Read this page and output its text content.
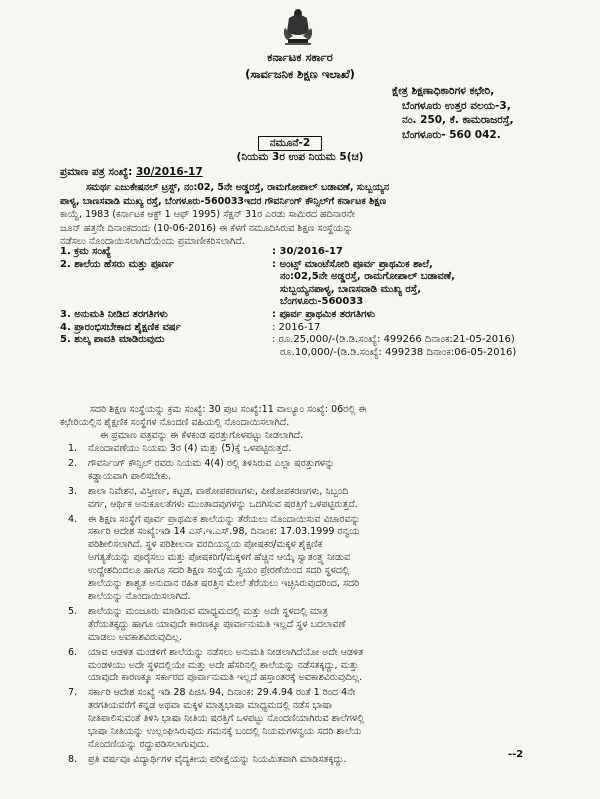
ಕರ್ನಾಟಕ ಸರ್ಕಾರ
(ಸಾರ್ವಜನಿಕ ಶಿಕ್ಷಣ ಇಲಾಖೆ)
ಕ್ಷೇತ್ರ ಶಿಕ್ಷಣಾಧಿಕಾರಿಗಳ ಕಛೇರಿ,
ಬೆಂಗಳೂರು ಉತ್ತರ ವಲಯ-3,
ನಂ. 250, ಕೆ. ಕಾಮರಾಜರಸ್ತೆ,
ಬೆಂಗಳೂರು- 560 042.
ನಮೂನೆ-2
(ನಿಯಮ 3ರ ಉಪ ನಿಯಮ 5(ಚ)
ಪ್ರಮಾಣ ಪತ್ರ ಸಂಖ್ಯೆ: 30/2016-17
ಸಮರ್ಥ ಎಜುಕೇಷನಲ್ ಟ್ರಸ್ಟ್, ನಂ:02, 5ನೇ ಅಡ್ಡರಸ್ತೆ, ರಾಮಗೋಪಾಲ್ ಬಡಾವಣೆ, ಸುಬ್ಬಯ್ಯನ
ಪಾಳ್ಯ, ಬಾಣಸವಾಡಿ ಮುಖ್ಯ ರಸ್ತೆ, ಬೆಂಗಳೂರು-560033ಇದರ ಗೌವರ್ನಿಂಗ್ ಕೌನ್ಸಿಲ್‌ಗೆ ಕರ್ನಾಟಕ ಶಿಕ್ಷಣ
ಕಾಯ್ದೆ, 1983 (ಕರ್ನಾಟಕ ಆಕ್ಟ್ 1 ಆಫ್ 1995) ಸೆಕ್ಷನ್ 31ರ ಎರಡು ಸಾಮಿರದ ಹದಿನಾರನೇ
ಜೂನ್ ಹತ್ತನೇ ದಿನಾಂಕದಂದು (10-06-2016) ಈ ಕೆಳಗೆ ನಮೂದಿಸಿರುವ ಶಿಕ್ಷಣ ಸಂಸ್ಥೆಯನ್ನು
ನಡೆಸಲು ನೊಂದಾಯಿಸಲಾಗಿದೆಯೆಂದು ಪ್ರಮಾಣೀಕರಿಸಲಾಗಿದೆ.
1. ಕ್ರಮ ಸಂಖ್ಯೆ	: 30/2016-17
2. ಶಾಲೆಯ ಹೆಸರು ಮತ್ತು ಪೂರ್ಣ	: ಅಂಟ್ಸ್ ಮಾಂಟೆಸೋರಿ ಪೂರ್ವ ಪ್ರಾಥಮಿಕ ಶಾಲೆ,
ನಂ:02,5ನೇ ಅಡ್ಡರಸ್ತೆ, ರಾಮಗೋಪಾಲ್ ಬಡಾವಣೆ,
ಸುಬ್ಬಯ್ಯನಪಾಳ್ಯ, ಬಾಣಸವಾಡಿ ಮುಖ್ಯ ರಸ್ತೆ,
ಬೆಂಗಳೂರು-560033
3. ಅನುಮತಿ ನೀಡಿದ ತರಗತಿಗಳು	: ಪೂರ್ವ ಪ್ರಾಥಮಿಕ ತರಗತಿಗಳು
4. ಪ್ರಾರಂಭಿಸಬೇಕಾದ ಶೈಕ್ಷಣಿಕ ವರ್ಷ	: 2016-17
5. ಶುಲ್ಕ ಪಾವತಿ ಮಾಡಿರುವುದು	: ರೂ.25,000/-(ಡಿ.ಡಿ.ಸಂಖ್ಯೆ: 499266 ದಿನಾಂಕ:21-05-2016)
ರೂ.10,000/-(ಡಿ.ಡಿ.ಸಂಖ್ಯೆ: 499238 ದಿನಾಂಕ:06-05-2016)
ಸದರಿ ಶಿಕ್ಷಣ ಸಂಸ್ಥೆಯನ್ನು ಕ್ರಮ ಸಂಖ್ಯೆ: 30 ಪುಟ ಸಂಖ್ಯೆ:11 ವಾಲ್ಯೂಂ ಸಂಖ್ಯೆ: 06ರಲ್ಲಿ ಈ
ಕಛೇರಿಯಲ್ಲಿನ ಶೈಕ್ಷಣಿಕ ಸಂಸ್ಥೆಗಳ ನೊಂದಣಿ ವಹಿಯಲ್ಲಿ ನೊಂದಾಯಿಸಲಾಗಿದೆ.
ಈ ಪ್ರಮಾಣ ಪತ್ರವನ್ನು ಈ ಕೆಳಕಂಡ ಷರತ್ತುಗೊಳಪಟ್ಟು ನೀಡಲಾಗಿದೆ.
1. ನೊಂದಾವಣೆಯು ನಿಯಮ 3ರ (4) ಮತ್ತು (5)ಕ್ಕೆ ಒಳಪಟ್ಟಿರುತ್ತದೆ.
2. ಗೌವರ್ನಿಂಗ್ ಕೌನ್ಸಿಲ್ ರವರು ನಿಯಮ 4(4) ರಲ್ಲಿ ತಿಳಿಸಿರುವ ಎಲ್ಲಾ ಷರತ್ತುಗಳನ್ನು
ಕಡ್ಡಾಯವಾಗಿ ಪಾಲಿಸಬೇಕು.
3. ಶಾಲಾ ನಿವೇಶನ, ವಿಸ್ತೀರ್ಣ, ಕಟ್ಟಡ, ಪಾಠೋಪಕರಣಗಳು, ಪೀಠೋಪಕರಣಗಳು, ಸಿಬ್ಬಂದಿ
ವರ್ಗ, ಆರ್ಥಿಕ ಅನುಕೂಲತೆಗಳು ಮುಂತಾದವುಗಳನ್ನು ಒದಗಿಸುವ ಷರತ್ತಿಗೆ ಒಳಪಟ್ಟಿರುತ್ತದೆ.
4. ಈ ಶಿಕ್ಷಣ ಸಂಸ್ಥೆಗೆ ಪೂರ್ವ ಪ್ರಾಥಮಿಕ ಶಾಲೆಯನ್ನು ತೆರೆಯಲು ನೊಂದಾಯಿಸುವ ವಿಚಾರವನ್ನು
ಸರ್ಕಾರಿ ಆದೇಶ ಸಂಖ್ಯೆ:ಇಡಿ 14 ಎಸ್.ಇ.ಎಸ್.98, ದಿನಾಂಕ: 17.03.1999 ರನ್ವಯ
ಪರಿಶೀಲಿಸಲಾಗಿದೆ. ಸ್ಥಳ ಪರಿಶೀಲನಾ ವರದಿಯನ್ವಯ ಪೋಷಕರ/ಮಕ್ಕಳ ಶೈಕ್ಷಣಿಕ
ಅಗತ್ಯತೆಯನ್ನು ಪೂರೈಸಲು ಮತ್ತು ಪೋಷಕರಿಗೆ/ಮಕ್ಕಳಿಗೆ ಹೆಚ್ಚಿನ ಆಯ್ಕೆ ಸ್ವಾತಂತ್ರ್ಯ ನೀಡುವ
ಉದ್ದೇಶದಿಂದಲೂ ಹಾಗೂ ಸದರಿ ಶಿಕ್ಷಣ ಸಂಸ್ಥೆಯ ಸ್ವಯಂ ಪ್ರೇರಣೆಯಿಂದ ಸದರಿ ಸ್ಥಳದಲ್ಲಿ
ಶಾಲೆಯನ್ನು ಶಾಶ್ವತ ಅನುದಾನ ರಹಿತ ಷರತ್ತಿನ ಮೇಲೆ ತೆರೆಯಲು ಇಚ್ಛಿಸಿರುವುದರಿಂದ, ಸದರಿ
ಶಾಲೆಯನ್ನು ನೊಂದಾಯಿಸಲಾಗಿದೆ.
5. ಶಾಲೆಯನ್ನು ಮಂಜೂರು ಮಾಡಿರುವ ಮಾಧ್ಯಮದಲ್ಲಿ ಮತ್ತು ಅದೇ ಸ್ಥಳದಲ್ಲಿ ಮಾತ್ರ
ತೆರೆಯತಕ್ಕದ್ದು ಹಾಗೂ ಯಾವುದೇ ಕಾರಣಕ್ಕೂ ಪೂರ್ವಾನುಮತಿ ಇಲ್ಲದೆ ಸ್ಥಳ ಬದಲಾವಣೆ
ಮಾಡಲು ಅವಕಾಶವಿರುವುದಿಲ್ಲ.
6. ಯಾವ ಆಡಳಿತ ಮಂಡಳಿಗೆ ಶಾಲೆಯನ್ನು ನಡೆಸಲು ಅನುಮತಿ ನೀಡಲಾಗಿದೆಯೋ ಅದೇ ಆಡಳಿತ
ಮಂಡಳಿಯು ಅದೇ ಸ್ಥಳದಲ್ಲಿಯೇ ಮತ್ತು ಅದೇ ಹೆಸರಿನಲ್ಲಿ ಶಾಲೆಯನ್ನು ನಡೆಸತಕ್ಕದ್ದು, ಮತ್ತು
ಯಾವುದೇ ಕಾರಣಕ್ಕೂ ಸರ್ಕಾರದ ಪೂರ್ವಾನುಮತಿ ಇಲ್ಲದೆ ಹಸ್ತಾಂತರಕ್ಕೆ ಅವಕಾಶವಿರುವುದಿಲ್ಲ.
7. ಸರ್ಕಾರಿ ಆದೇಶ ಸಂಖ್ಯೆ ಇಡಿ 28 ಪಿಜಿಸಿ 94, ದಿನಾಂಕ: 29.4.94 ರಂತೆ 1 ರಿಂದ 4ನೇ
ತರಗತಿಯವರೆಗೆ ಕನ್ನಡ ಅಥವಾ ಮಕ್ಕಳ ಮಾತೃಭಾಷಾ ಮಾಧ್ಯಮದಲ್ಲಿ ನಡೆಸ ಭಾಷಾ
ನೀತಿಪಾಲಿಸುವಂತೆ ತಿಳಿಸಿ ಭಾಷಾ ನೀತಿಯ ಷರತ್ತಿಗೆ ಒಳಪಟ್ಟು ನೊಂದಣಿಯಾಗಿರುವ ಶಾಲೆಗಳಲ್ಲಿ
ಭಾಷಾ ನೀತಿಯನ್ನು ಉಲ್ಲಂಘಿಸಿರುವುದು ಗಮನಕ್ಕೆ ಬಂದಲ್ಲಿ ನಿಯಮಗಳನ್ವಯ ಸದರಿ ಶಾಲೆಯ
ನೊಂದಣಿಯನ್ನು ರದ್ದುಪಡಿಸಲಾಗುವುದು.
8. ಪ್ರತಿ ವರ್ಷವೂ ವಿದ್ಯಾರ್ಥಿಗಳ ವೈದ್ಯಕೀಯ ಪರೀಕ್ಷೆಯನ್ನು ನಿಯಮಿತವಾಗಿ ಮಾಡಿಸತಕ್ಕದ್ದು.	--2
